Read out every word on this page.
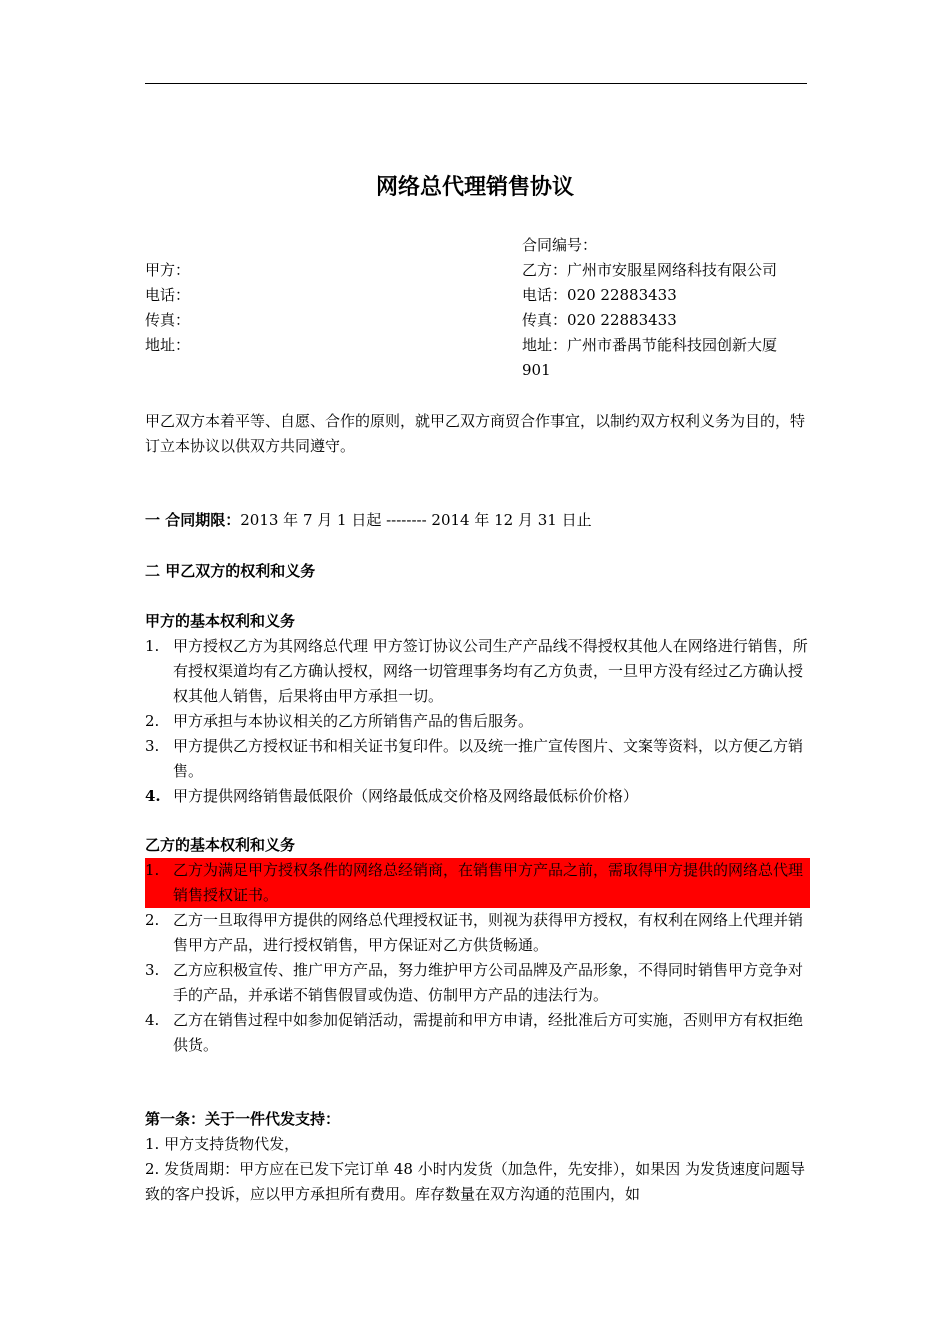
网络总代理销售协议
甲方：
电话：
传真：
地址：
合同编号：
乙方：广州市安服星网络科技有限公司
电话：020 22883433
传真：020 22883433
地址：广州市番禺节能科技园创新大厦
901
甲乙双方本着平等、自愿、合作的原则，就甲乙双方商贸合作事宜，以制约双方权利义务为目的，特订立本协议以供双方共同遵守。
一 合同期限：2013 年 7 月 1 日起 -------- 2014 年 12 月 31 日止
二 甲乙双方的权利和义务
甲方的基本权利和义务
1. 甲方授权乙方为其网络总代理 甲方签订协议公司生产产品线不得授权其他人在网络进行销售，所有授权渠道均有乙方确认授权，网络一切管理事务均有乙方负责，一旦甲方没有经过乙方确认授权其他人销售，后果将由甲方承担一切。
2. 甲方承担与本协议相关的乙方所销售产品的售后服务。
3. 甲方提供乙方授权证书和相关证书复印件。以及统一推广宣传图片、文案等资料，以方便乙方销售。
4. 甲方提供网络销售最低限价（网络最低成交价格及网络最低标价价格）
乙方的基本权利和义务
1. 乙方为满足甲方授权条件的网络总经销商，在销售甲方产品之前，需取得甲方提供的网络总代理销售授权证书。
2. 乙方一旦取得甲方提供的网络总代理授权证书，则视为获得甲方授权，有权利在网络上代理并销售甲方产品，进行授权销售，甲方保证对乙方供货畅通。
3. 乙方应积极宣传、推广甲方产品，努力维护甲方公司品牌及产品形象，不得同时销售甲方竞争对手的产品，并承诺不销售假冒或伪造、仿制甲方产品的违法行为。
4. 乙方在销售过程中如参加促销活动，需提前和甲方申请，经批准后方可实施，否则甲方有权拒绝供货。
第一条：关于一件代发支持：
1. 甲方支持货物代发，
2. 发货周期：甲方应在已发下完订单 48 小时内发货（加急件，先安排），如果因 为发货速度问题导致的客户投诉，应以甲方承担所有费用。库存数量在双方沟通的范围内，如
